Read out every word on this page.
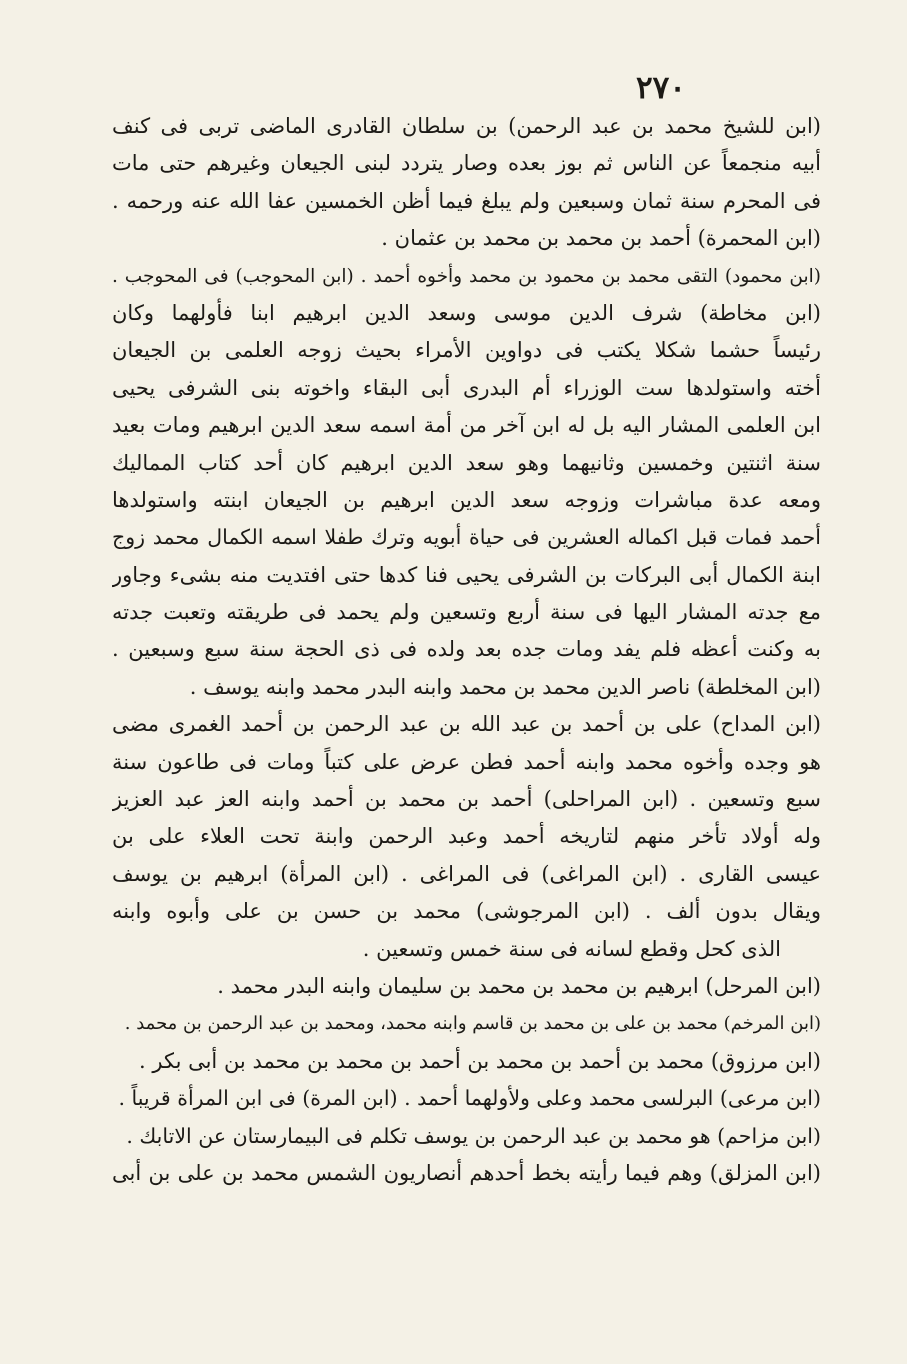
٢٧٠
(ابن للشيخ محمد بن عبد الرحمن) بن سلطان القادرى الماضى تربى فى كنف
أبيه منجمعاً عن الناس ثم بوز بعده وصار يتردد لبنى الجيعان وغيرهم حتى مات
فى المحرم سنة ثمان وسبعين ولم يبلغ فيما أظن الخمسين عفا الله عنه ورحمه .
(ابن المحمرة) أحمد بن محمد بن محمد بن عثمان .
(ابن محمود) التقى محمد بن محمود بن محمد وأخوه أحمد . (ابن المحوجب) فى المحوجب .
(ابن مخاطة) شرف الدين موسى وسعد الدين ابرهيم ابنا فأولهما وكان
رئيساً حشما شكلا يكتب فى دواوين الأمراء بحيث زوجه العلمى بن الجيعان
أخته واستولدها ست الوزراء أم البدرى أبى البقاء واخوته بنى الشرفى يحيى
ابن العلمى المشار اليه بل له ابن آخر من أمة اسمه سعد الدين ابرهيم ومات بعيد
سنة اثنتين وخمسين وثانيهما وهو سعد الدين ابرهيم كان أحد كتاب المماليك
ومعه عدة مباشرات وزوجه سعد الدين ابرهيم بن الجيعان ابنته واستولدها
أحمد فمات قبل اكماله العشرين فى حياة أبويه وترك طفلا اسمه الكمال محمد زوج
ابنة الكمال أبى البركات بن الشرفى يحيى فنا كدها حتى افتديت منه بشىء وجاور
مع جدته المشار اليها فى سنة أربع وتسعين ولم يحمد فى طريقته وتعبت جدته
به وكنت أعظه فلم يفد ومات جده بعد ولده فى ذى الحجة سنة سبع وسبعين .
(ابن المخلطة) ناصر الدين محمد بن محمد وابنه البدر محمد وابنه يوسف .
(ابن المداح) على بن أحمد بن عبد الله بن عبد الرحمن بن أحمد الغمرى مضى
هو وجده وأخوه محمد وابنه أحمد فطن عرض على كتباً ومات فى طاعون سنة
سبع وتسعين . (ابن المراحلى) أحمد بن محمد بن أحمد وابنه العز عبد العزيز
وله أولاد تأخر منهم لتاريخه أحمد وعبد الرحمن وابنة تحت العلاء على بن
عيسى القارى . (ابن المراغى) فى المراغى . (ابن المرأة) ابرهيم بن يوسف
ويقال بدون ألف . (ابن المرجوشى) محمد بن حسن بن على وأبوه وابنه
الذى كحل وقطع لسانه فى سنة خمس وتسعين .
(ابن المرحل) ابرهيم بن محمد بن محمد بن سليمان وابنه البدر محمد .
(ابن المرخم) محمد بن على بن محمد بن قاسم وابنه محمد، ومحمد بن عبد الرحمن بن محمد .
(ابن مرزوق) محمد بن أحمد بن محمد بن أحمد بن محمد بن محمد بن أبى بكر .
(ابن مرعى) البرلسى محمد وعلى ولأولهما أحمد . (ابن المرة) فى ابن المرأة قريباً .
(ابن مزاحم) هو محمد بن عبد الرحمن بن يوسف تكلم فى البيمارستان عن الاتابك .
(ابن المزلق) وهم فيما رأيته بخط أحدهم أنصاريون الشمس محمد بن على بن أبى
